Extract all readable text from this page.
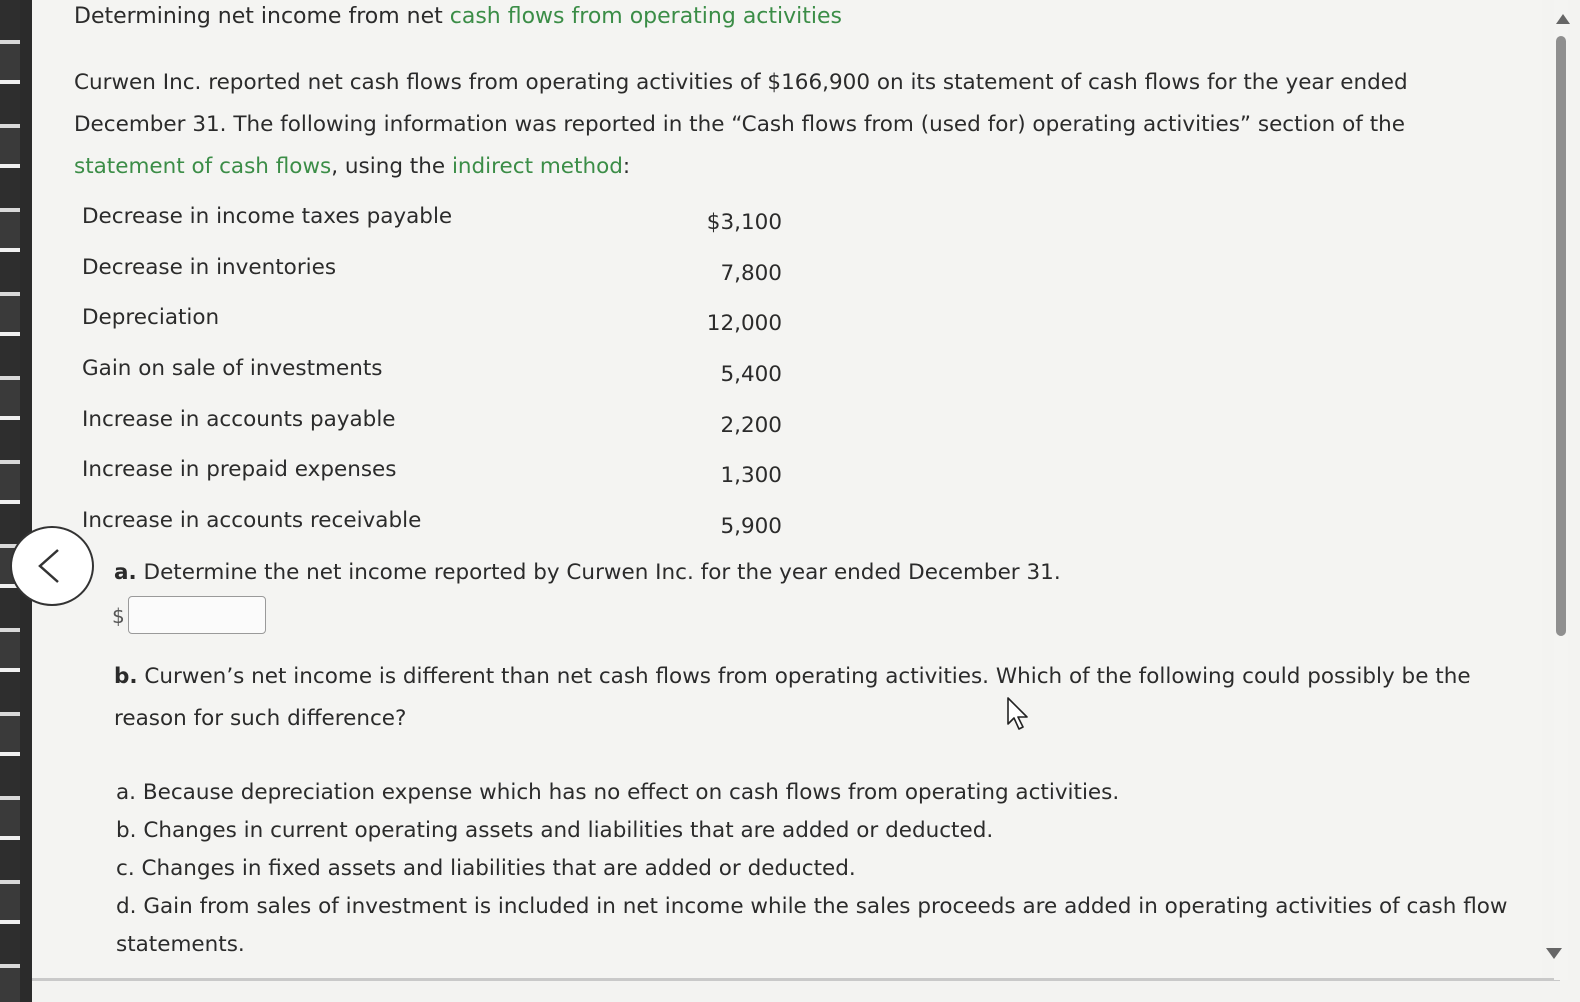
Determining net income from net cash flows from operating activities
Curwen Inc. reported net cash flows from operating activities of $166,900 on its statement of cash flows for the year ended December 31. The following information was reported in the “Cash flows from (used for) operating activities” section of the statement of cash flows, using the indirect method:
Decrease in income taxes payable	$3,100
Decrease in inventories	7,800
Depreciation	12,000
Gain on sale of investments	5,400
Increase in accounts payable	2,200
Increase in prepaid expenses	1,300
Increase in accounts receivable	5,900
a. Determine the net income reported by Curwen Inc. for the year ended December 31.
$
b. Curwen’s net income is different than net cash flows from operating activities. Which of the following could possibly be the reason for such difference?
a. Because depreciation expense which has no effect on cash flows from operating activities.
b. Changes in current operating assets and liabilities that are added or deducted.
c. Changes in fixed assets and liabilities that are added or deducted.
d. Gain from sales of investment is included in net income while the sales proceeds are added in operating activities of cash flow statements.
